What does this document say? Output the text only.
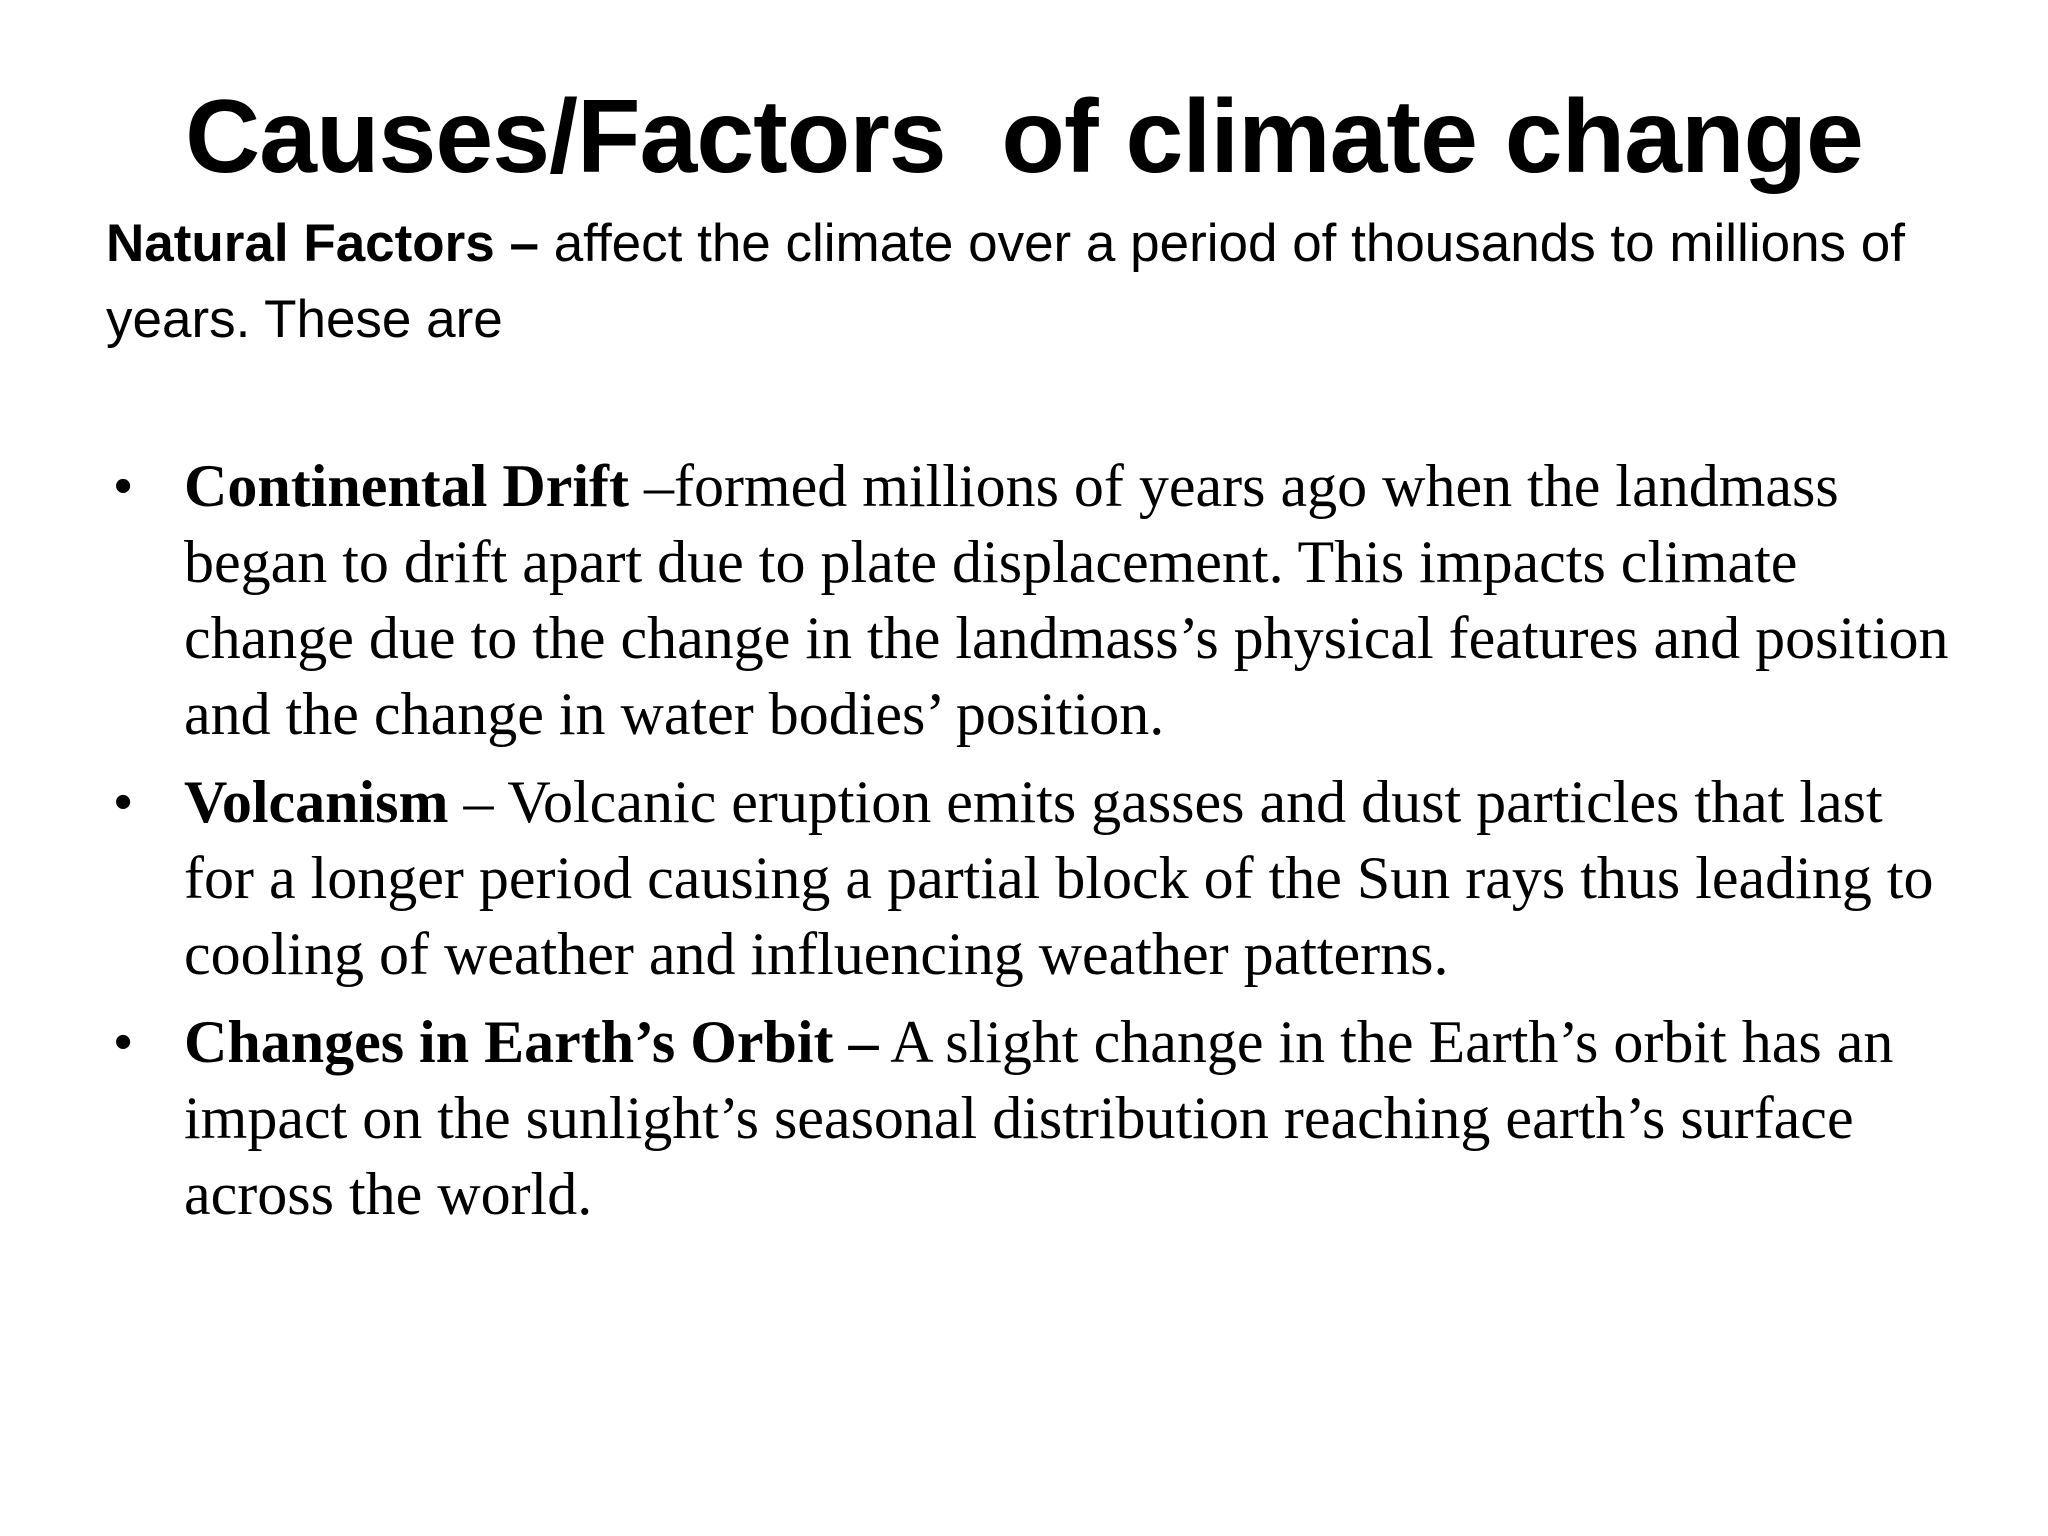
Causes/Factors  of climate change
Natural Factors – affect the climate over a period of thousands to millions of years. These are
• Continental Drift –formed millions of years ago when the landmass began to drift apart due to plate displacement. This impacts climate change due to the change in the landmass’s physical features and position and the change in water bodies’ position.
• Volcanism – Volcanic eruption emits gasses and dust particles that last for a longer period causing a partial block of the Sun rays thus leading to cooling of weather and influencing weather patterns.
• Changes in Earth’s Orbit – A slight change in the Earth’s orbit has an impact on the sunlight’s seasonal distribution reaching earth’s surface across the world.
